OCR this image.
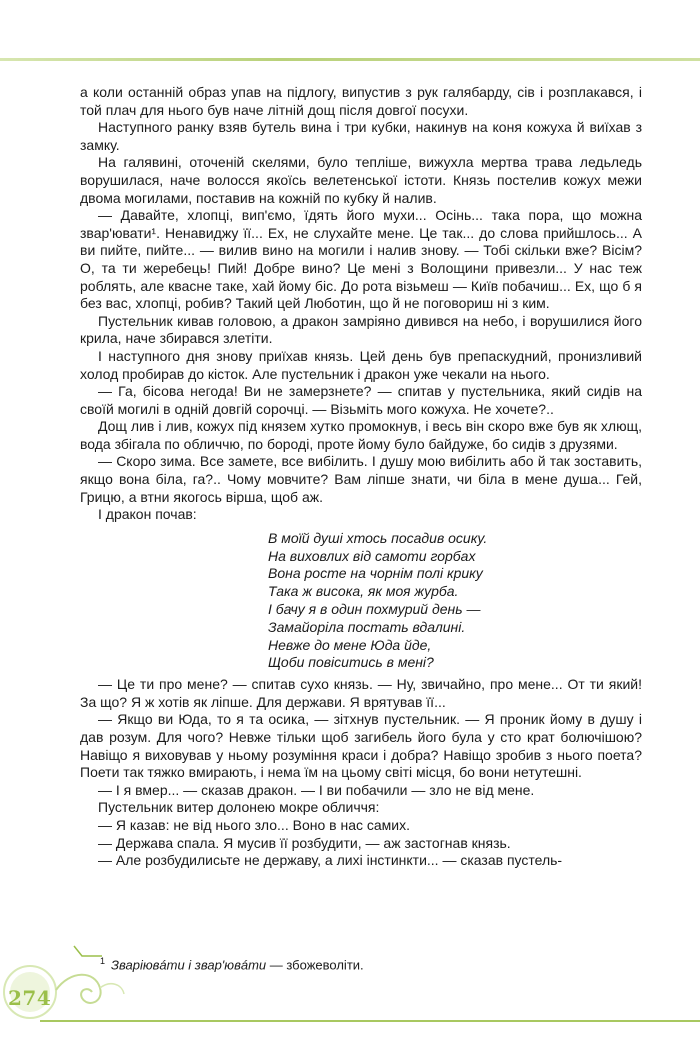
а коли останній образ упав на підлогу, випустив з рук галябарду, сів і розплакався, і той плач для нього був наче літній дощ після довгої посухи.

Наступного ранку взяв бутель вина і три кубки, накинув на коня кожуха й виїхав з замку.

На галявині, оточеній скелями, було тепліше, вижухла мертва трава ледьледь ворушилася, наче волосся якоїсь велетенської істоти. Князь постелив кожух межи двома могилами, поставив на кожній по кубку й налив.

— Давайте, хлопці, вип'ємо, їдять його мухи... Осінь... така пора, що можна звар'ювати¹. Ненавиджу її... Ех, не слухайте мене. Це так... до слова прийшлось... А ви пийте, пийте... — вилив вино на могили і налив знову. — Тобі скільки вже? Вісім? О, та ти жеребець! Пий! Добре вино? Це мені з Волощини привезли... У нас теж роблять, але квасне таке, хай йому біс. До рота візьмеш — Київ побачиш... Ех, що б я без вас, хлопці, робив? Такий цей Люботин, що й не поговориш ні з ким.

Пустельник кивав головою, а дракон замріяно дивився на небо, і ворушилися його крила, наче збирався злетіти.

І наступного дня знову приїхав князь. Цей день був препаскудний, пронизливий холод пробирав до кісток. Але пустельник і дракон уже чекали на нього.

— Га, бісова негода! Ви не замерзнете? — спитав у пустельника, який сидів на своїй могилі в одній довгій сорочці. — Візьміть мого кожуха. Не хочете?..

Дощ лив і лив, кожух під князем хутко промокнув, і весь він скоро вже був як хлющ, вода збігала по обличчю, по бороді, проте йому було байдуже, бо сидів з друзями.

— Скоро зима. Все замете, все вибілить. І душу мою вибілить або й так зоставить, якщо вона біла, га?.. Чому мовчите? Вам ліпше знати, чи біла в мене душа... Гей, Грицю, а втни якогось вірша, щоб аж.

І дракон почав:

В моїй душі хтось посадив осику.
На виховлих від самоти горбах
Вона росте на чорнім полі крику
Така ж висока, як моя журба.
І бачу я в один похмурий день —
Замайоріла постать вдалині.
Невже до мене Юда йде,
Щоби повіситись в мені?

— Це ти про мене? — спитав сухо князь. — Ну, звичайно, про мене... От ти який! За що? Я ж хотів як ліпше. Для держави. Я врятував її...

— Якщо ви Юда, то я та осика, — зітхнув пустельник. — Я проник йому в душу і дав розум. Для чого? Невже тільки щоб загибель його була у сто крат болючішою? Навіщо я виховував у ньому розуміння краси і добра? Навіщо зробив з нього поета? Поети так тяжко вмирають, і нема їм на цьому світі місця, бо вони нетутешні.

— І я вмер... — сказав дракон. — І ви побачили — зло не від мене.

Пустельник витер долонею мокре обличчя:

— Я казав: не від нього зло... Воно в нас самих.

— Держава спала. Я мусив її розбудити, — аж застогнав князь.

— Але розбудилисьте не державу, а лихі інстинкти... — сказав пустель-

$^1$ Зваріювáти і звар'ювáти — збожеволіти.
274
